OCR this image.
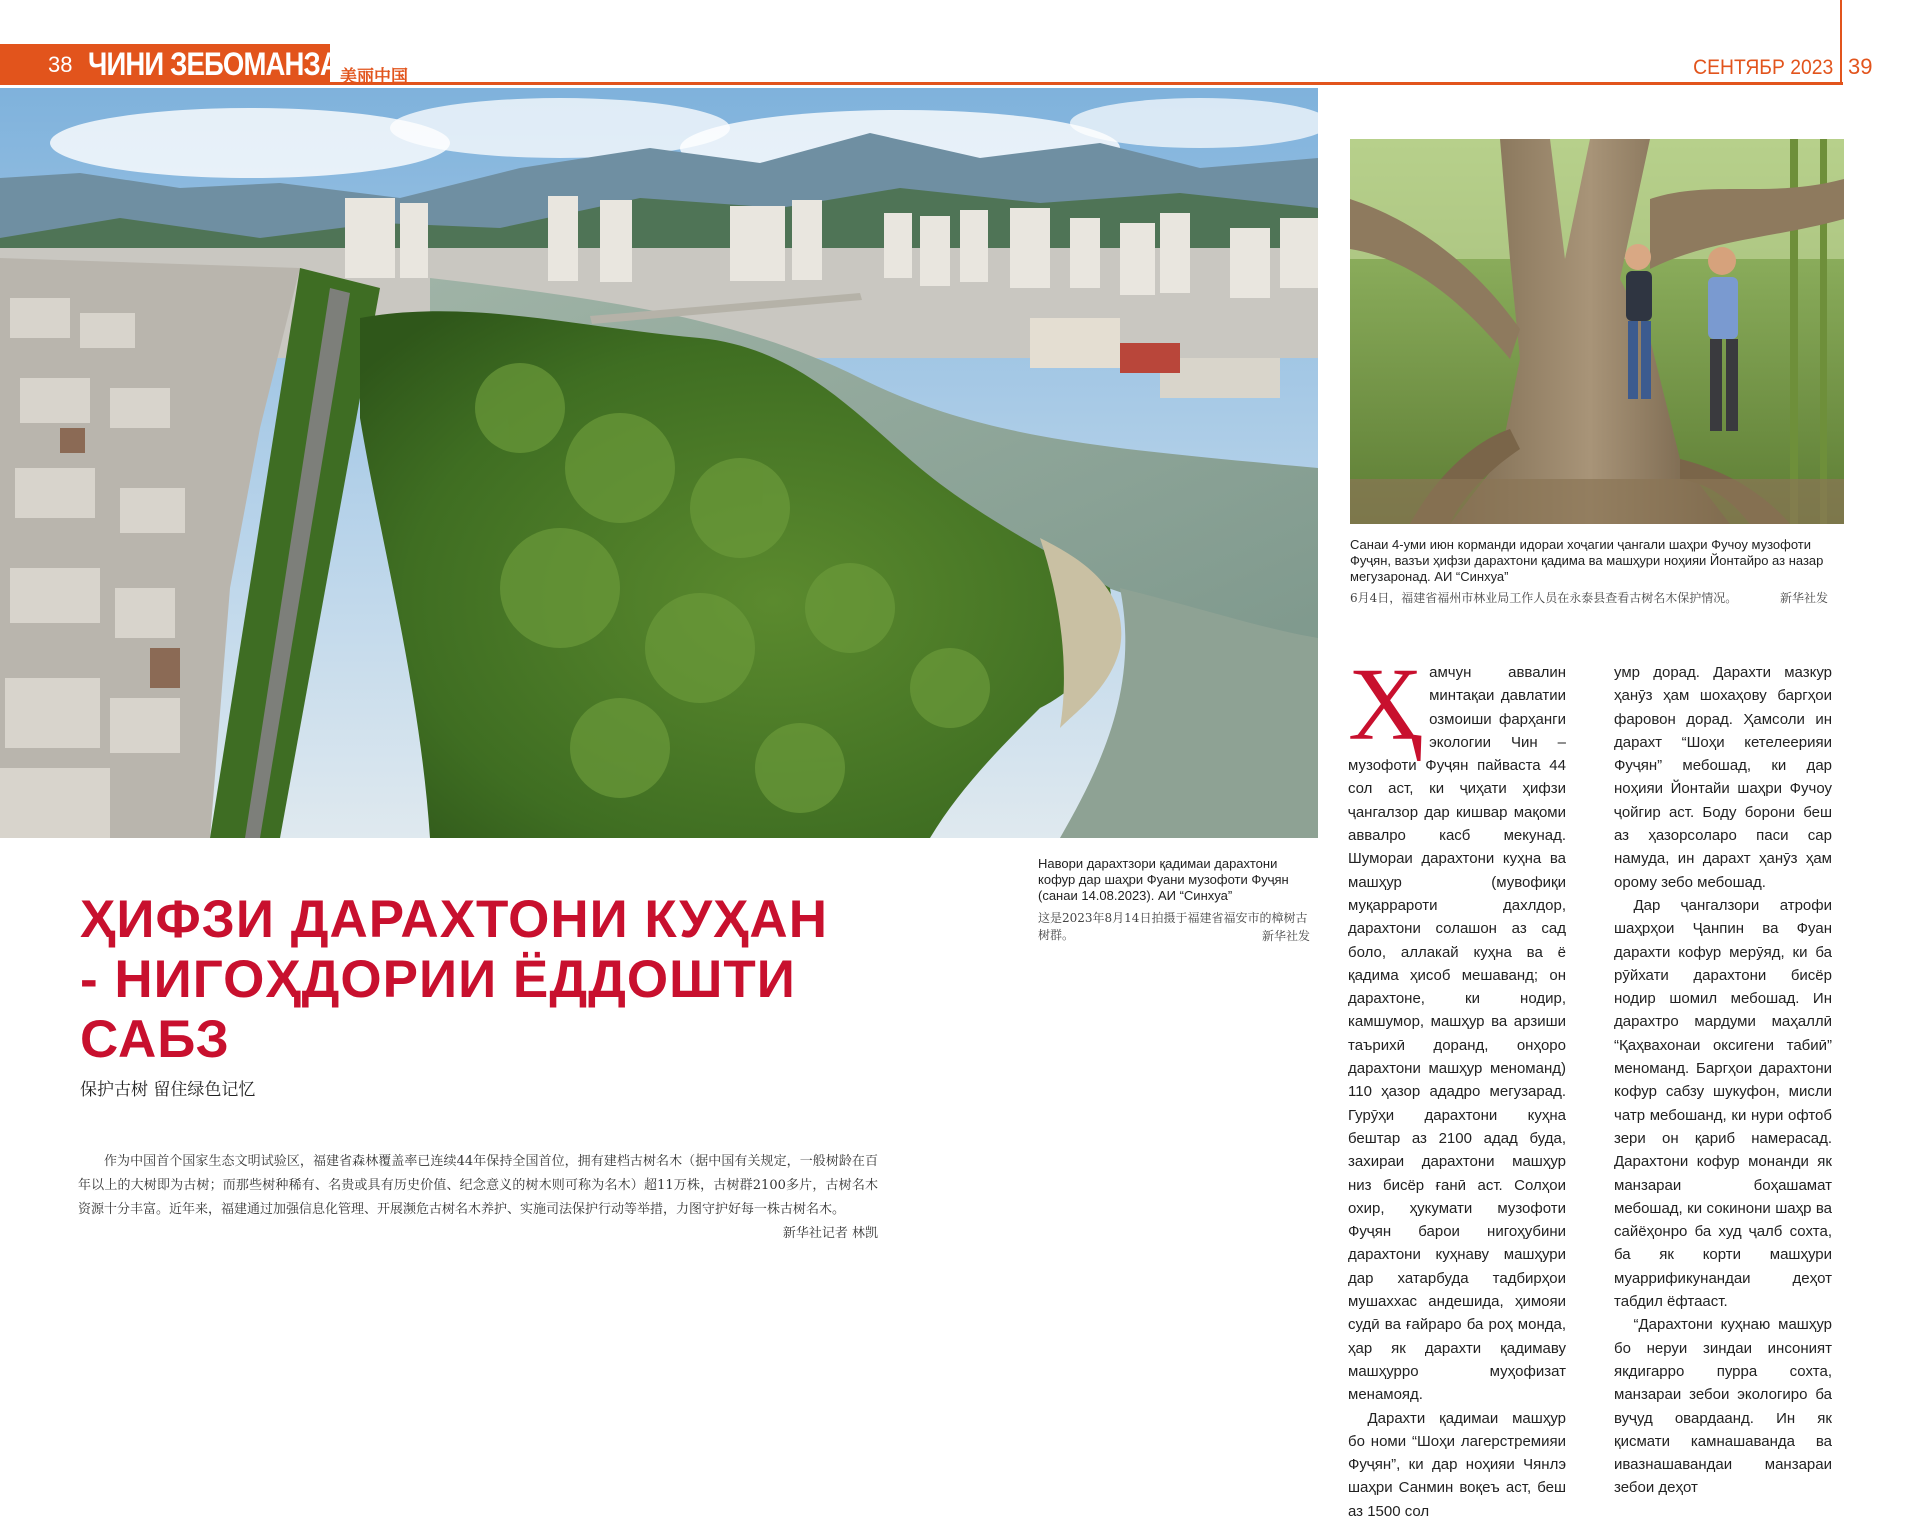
38 ЧИНИ ЗЕБОМАНЗАР
美丽中国	СЕНТЯБР 2023 39
Санаи 4-уми июн корманди идораи хоҷагии ҷангали шаҳри Фучоу музофоти Фуҷян, вазъи ҳифзи дарахтони қадима ва машҳури ноҳияи Йонтайро аз назар мегузаронад. АИ “Синхуа”
6月4日，福建省福州市林业局工作人员在永泰县查看古树名木保护情况。	新华社发
Навори дарахтзори қадимаи дарахтони кофур дар шаҳри Фуани музофоти Фуҷян (санаи 14.08.2023). АИ “Синхуа”
这是2023年8月14日拍摄于福建省福安市的樟树古树群。	新华社发
ҲИФЗИ ДАРАХТОНИ КУҲАН - НИГОҲДОРИИ ЁДДОШТИ САБЗ
保护古树 留住绿色记忆
作为中国首个国家生态文明试验区，福建省森林覆盖率已连续44年保持全国首位，拥有建档古树名木（据中国有关规定，一般树龄在百年以上的大树即为古树；而那些树种稀有、名贵或具有历史价值、纪念意义的树木则可称为名木）超11万株，古树群2100多片，古树名木资源十分丰富。近年来，福建通过加强信息化管理、开展濒危古树名木养护、实施司法保护行动等举措，力图守护好每一株古树名木。
新华社记者 林凯
Ҳ амчун аввалин минтақаи давлатии озмоиши фарҳанги экологии Чин – музофоти Фуҷян пайваста 44 сол аст, ки ҷиҳати ҳифзи ҷангалзор дар кишвар мақоми аввалро касб мекунад. Шумораи дарахтони куҳна ва машҳур (мувофиқи муқаррароти дахлдор, дарахтони солашон аз сад боло, аллакай куҳна ва ё қадима ҳисоб мешаванд; он дарахтоне, ки нодир, камшумор, машҳур ва арзиши таърихӣ доранд, онҳоро дарахтони машҳур меноманд) 110 ҳазор ададро мегузарад. Гурӯҳи дарахтони куҳна бештар аз 2100 адад буда, захираи дарахтони машҳур низ бисёр ғанӣ аст. Солҳои охир, ҳукумати музофоти Фуҷян барои нигоҳубини дарахтони куҳнаву машҳури дар хатарбуда тадбирҳои мушаххас андешида, ҳимояи судӣ ва ғайраро ба роҳ монда, ҳар як дарахти қадимаву машҳурро муҳофизат менамояд.

Дарахти қадимаи машҳур бо номи “Шоҳи лагерстремияи Фуҷян”, ки дар ноҳияи Чянлэ шаҳри Санмин воқеъ аст, беш аз 1500 сол

умр дорад. Дарахти мазкур ҳанӯз ҳам шохаҳову баргҳои фаровон дорад. Ҳамсоли ин дарахт “Шоҳи кетелеерияи Фуҷян” мебошад, ки дар ноҳияи Йонтайи шаҳри Фучоу ҷойгир аст. Боду борони беш аз ҳазорсоларо паси сар намуда, ин дарахт ҳанӯз ҳам орому зебо мебошад.

Дар ҷангалзори атрофи шаҳрҳои Ҷанпин ва Фуан дарахти кофур мерӯяд, ки ба рӯйхати дарахтони бисёр нодир шомил мебошад. Ин дарахтро мардуми маҳаллӣ “Қаҳвахонаи оксигени табиӣ” меноманд. Баргҳои дарахтони кофур сабзу шукуфон, мисли чатр мебошанд, ки нури офтоб зери он қариб намерасад. Дарахтони кофур монанди як манзараи боҳашамат мебошад, ки сокинони шаҳр ва сайёҳонро ба худ ҷалб сохта, ба як корти машҳури муаррификунандаи деҳот табдил ёфтааст.

“Дарахтони куҳнаю машҳур бо неруи зиндаи инсоният якдигарро пурра сохта, манзараи зебои экологиро ба вуҷуд овардаанд. Ин як қисмати камнашаванда ва ивазнашавандаи манзараи зебои деҳот
